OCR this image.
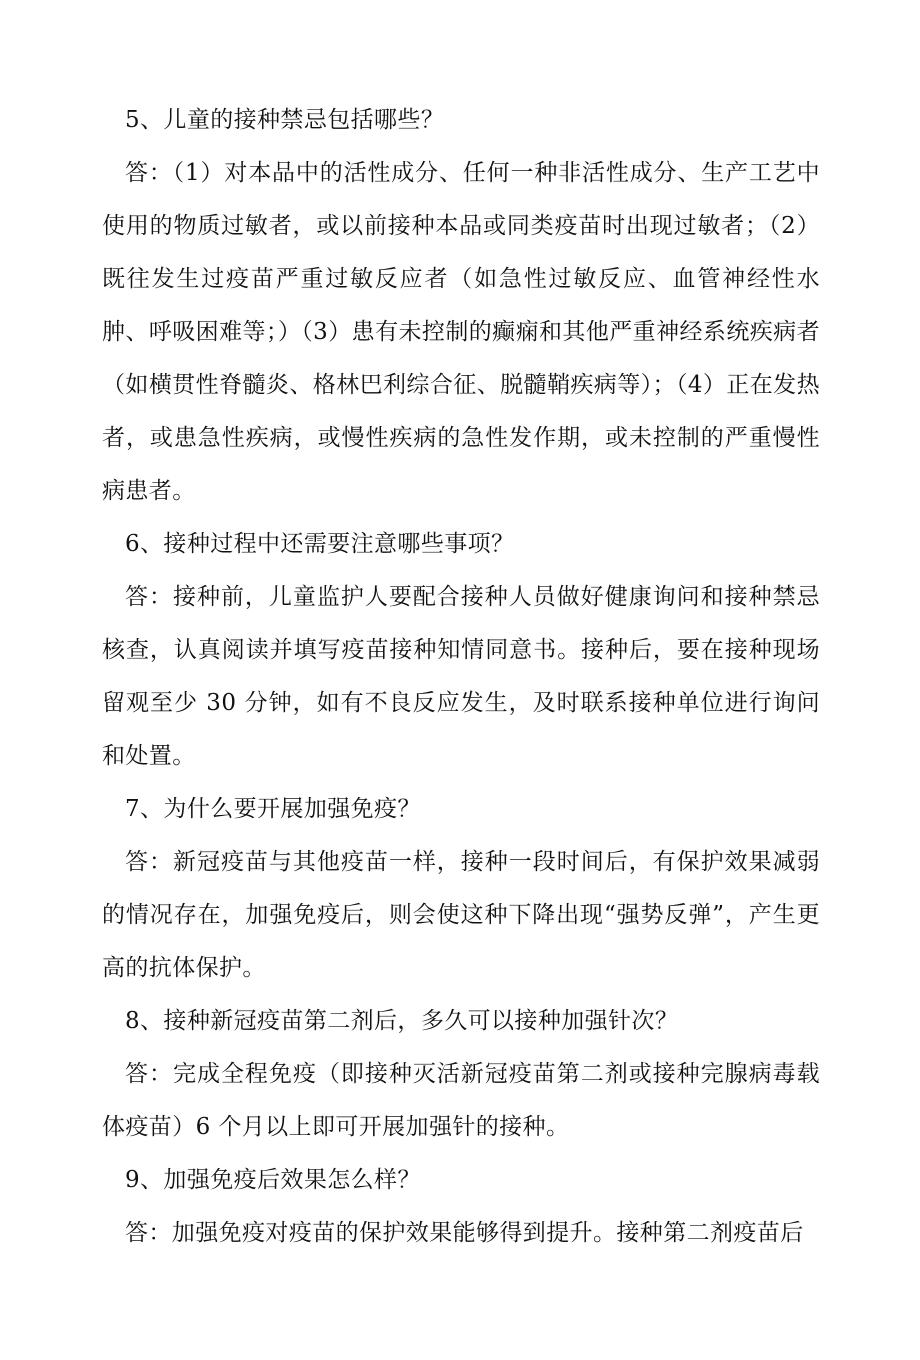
5、儿童的接种禁忌包括哪些？

答：（1）对本品中的活性成分、任何一种非活性成分、生产工艺中使用的物质过敏者，或以前接种本品或同类疫苗时出现过敏者；（2）既往发生过疫苗严重过敏反应者（如急性过敏反应、血管神经性水肿、呼吸困难等；）（3）患有未控制的癫痫和其他严重神经系统疾病者（如横贯性脊髓炎、格林巴利综合征、脱髓鞘疾病等）；（4）正在发热者，或患急性疾病，或慢性疾病的急性发作期，或未控制的严重慢性病患者。

6、接种过程中还需要注意哪些事项？

答：接种前，儿童监护人要配合接种人员做好健康询问和接种禁忌核查，认真阅读并填写疫苗接种知情同意书。接种后，要在接种现场留观至少 30 分钟，如有不良反应发生，及时联系接种单位进行询问和处置。

7、为什么要开展加强免疫？

答：新冠疫苗与其他疫苗一样，接种一段时间后，有保护效果减弱的情况存在，加强免疫后，则会使这种下降出现“强势反弹”，产生更高的抗体保护。

8、接种新冠疫苗第二剂后，多久可以接种加强针次？

答：完成全程免疫（即接种灭活新冠疫苗第二剂或接种完腺病毒载体疫苗）6 个月以上即可开展加强针的接种。

9、加强免疫后效果怎么样？

答：加强免疫对疫苗的保护效果能够得到提升。接种第二剂疫苗后
